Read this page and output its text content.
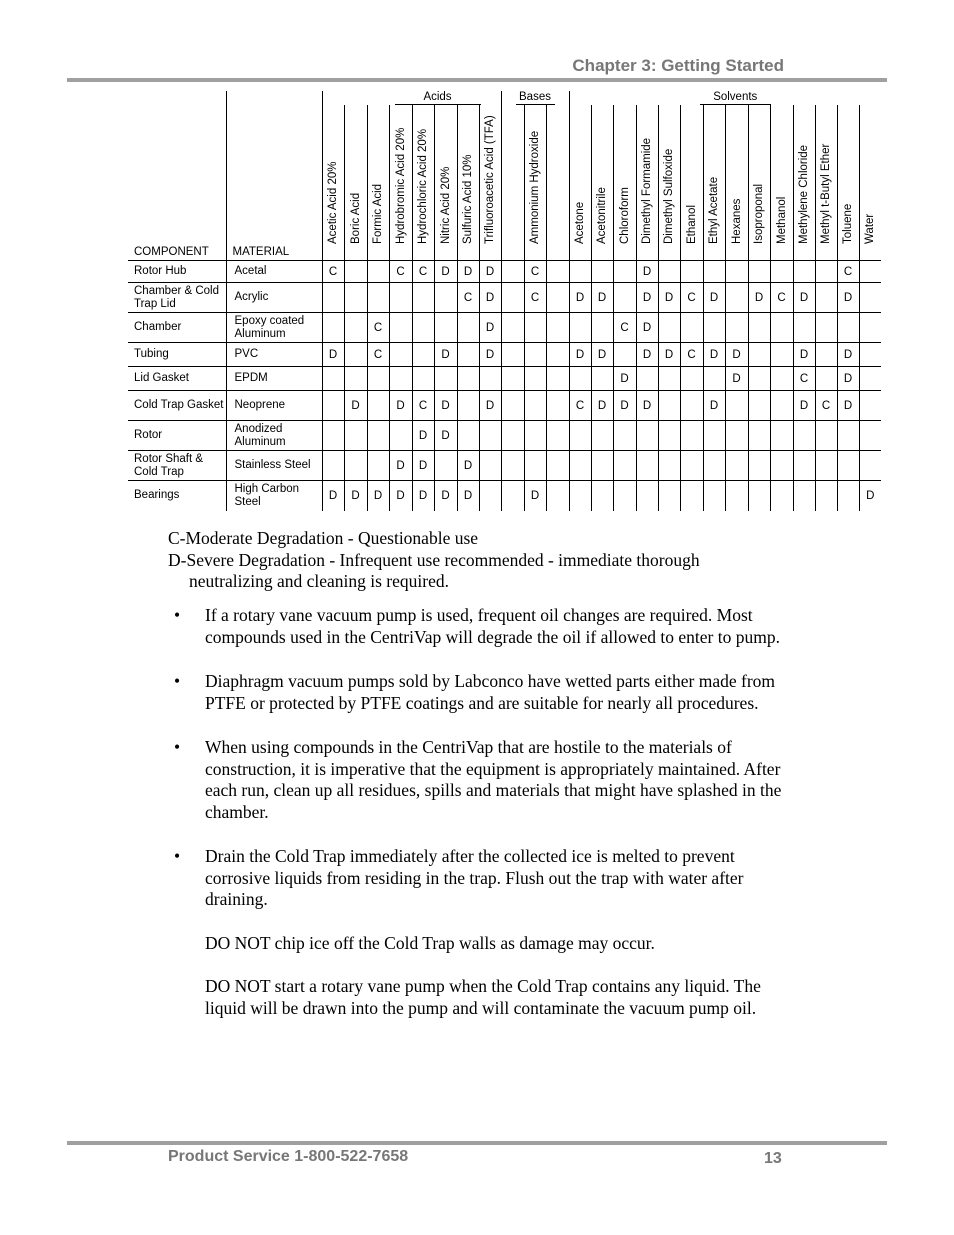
Chapter 3: Getting Started
COMPONENT	MATERIAL	Acids								Bases			Solvents													

		Acetic Acid 20%	Boric Acid	Formic Acid	Hydrobromic Acid 20%	Hydrochloric Acid 20%	Nitric Acid 20%	Sulfuric Acid 10%	Trifluoroacetic Acid (TFA)		Ammonium Hydroxide		Acetone	Acetonitrile	Chloroform	Dimethyl Formamide	Dimethyl Sulfoxide	Ethanol	Ethyl Acetate	Hexanes	Isoproponal	Methanol	Methylene Chloride	Methyl t-Butyl Ether	Toluene	Water

Rotor Hub	Acetal	C			C	C	D	D	D		C					D									C	
Chamber & Cold Trap Lid	Acrylic							C	D		C		D	D		D	D	C	D		D	C	D		D	
Chamber	Epoxy coated Aluminum			C					D						C	D										
Tubing	PVC	D		C			D		D				D	D		D	D	C	D	D			D		D	
Lid Gasket	EPDM														D					D			C		D	
Cold Trap Gasket	Neoprene		D		D	C	D		D				C	D	D	D			D				D	C	D	
Rotor	Anodized Aluminum					D	D																			
Rotor Shaft & Cold Trap	Stainless Steel				D	D		D																		
Bearings	High Carbon Steel	D	D	D	D	D	D	D			D															D
C-Moderate Degradation - Questionable use
D-Severe Degradation - Infrequent use recommended - immediate thorough
neutralizing and cleaning is required.
• If a rotary vane vacuum pump is used, frequent oil changes are required. Most compounds used in the CentriVap will degrade the oil if allowed to enter to pump.

• Diaphragm vacuum pumps sold by Labconco have wetted parts either made from PTFE or protected by PTFE coatings and are suitable for nearly all procedures.

• When using compounds in the CentriVap that are hostile to the materials of construction, it is imperative that the equipment is appropriately maintained. After each run, clean up all residues, spills and materials that might have splashed in the chamber.

• Drain the Cold Trap immediately after the collected ice is melted to prevent corrosive liquids from residing in the trap. Flush out the trap with water after draining.

DO NOT chip ice off the Cold Trap walls as damage may occur.

DO NOT start a rotary vane pump when the Cold Trap contains any liquid. The liquid will be drawn into the pump and will contaminate the vacuum pump oil.

Product Service 1-800-522-7658	13
